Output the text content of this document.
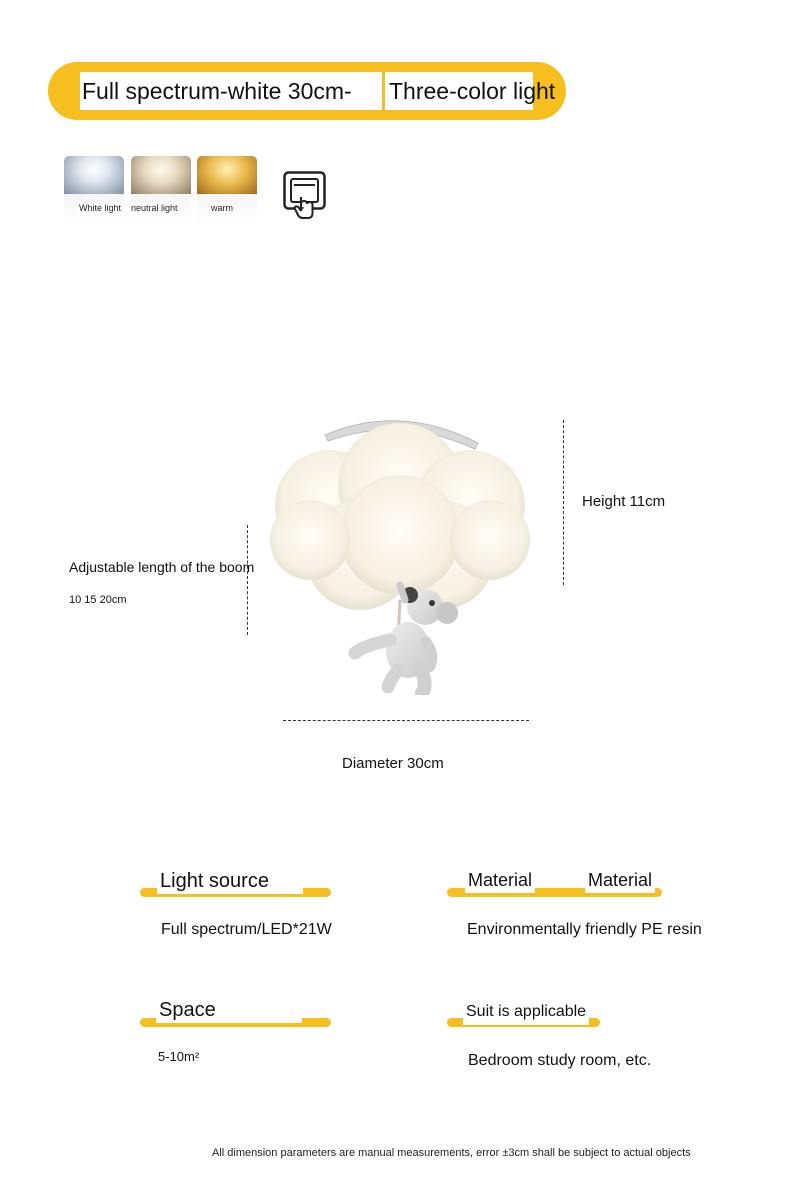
Full spectrum-white 30cm-	Three-color light
White light neutral light	warm
Height 11cm
Adjustable length of the boom
10 15 20cm
Diameter 30cm
Light source
Full spectrum/LED*21W
Material	Material
Environmentally friendly PE resin
Space
5-10m²
Suit is applicable
Bedroom study room, etc.
All dimension parameters are manual measurements, error ±3cm shall be subject to actual objects
